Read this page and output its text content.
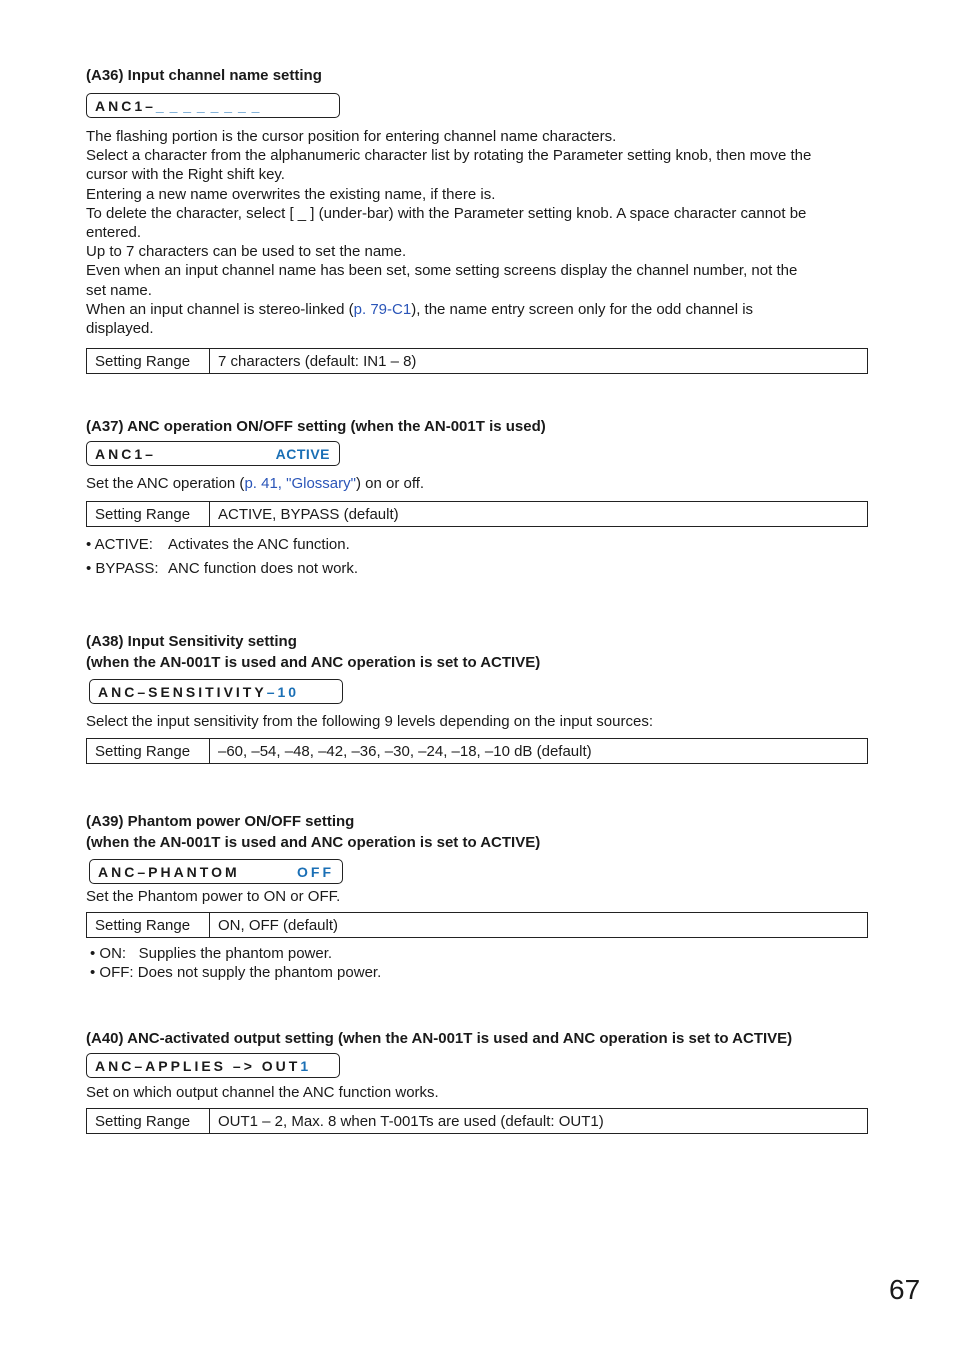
(A36) Input channel name setting
ANC1–_ _ _ _ _ _ _ _
The flashing portion is the cursor position for entering channel name characters.
Select a character from the alphanumeric character list by rotating the Parameter setting knob, then move the
cursor with the Right shift key.
Entering a new name overwrites the existing name, if there is.
To delete the character, select [ _ ] (under-bar) with the Parameter setting knob. A space character cannot be
entered.
Up to 7 characters can be used to set the name.
Even when an input channel name has been set, some setting screens display the channel number, not the
set name.
When an input channel is stereo-linked (p. 79-C1), the name entry screen only for the odd channel is
displayed.
Setting Range	7 characters (default: IN1 – 8)
(A37) ANC operation ON/OFF setting (when the AN-001T is used)
ANC1–	ACTIVE
Set the ANC operation (p. 41, "Glossary") on or off.
Setting Range	ACTIVE, BYPASS (default)
• ACTIVE: Activates the ANC function.
• BYPASS: ANC function does not work.
(A38) Input Sensitivity setting
(when the AN-001T is used and ANC operation is set to ACTIVE)
ANC–SENSITIVITY–10
Select the input sensitivity from the following 9 levels depending on the input sources:
Setting Range	–60, –54, –48, –42, –36, –30, –24, –18, –10 dB (default)
(A39) Phantom power ON/OFF setting
(when the AN-001T is used and ANC operation is set to ACTIVE)
ANC–PHANTOM	OFF
Set the Phantom power to ON or OFF.
Setting Range	ON, OFF (default)
• ON: Supplies the phantom power.
• OFF: Does not supply the phantom power.
(A40) ANC-activated output setting (when the AN-001T is used and ANC operation is set to ACTIVE)
ANC–APPLIES –> OUT1
Set on which output channel the ANC function works.
Setting Range	OUT1 – 2, Max. 8 when T-001Ts are used (default: OUT1)
67
